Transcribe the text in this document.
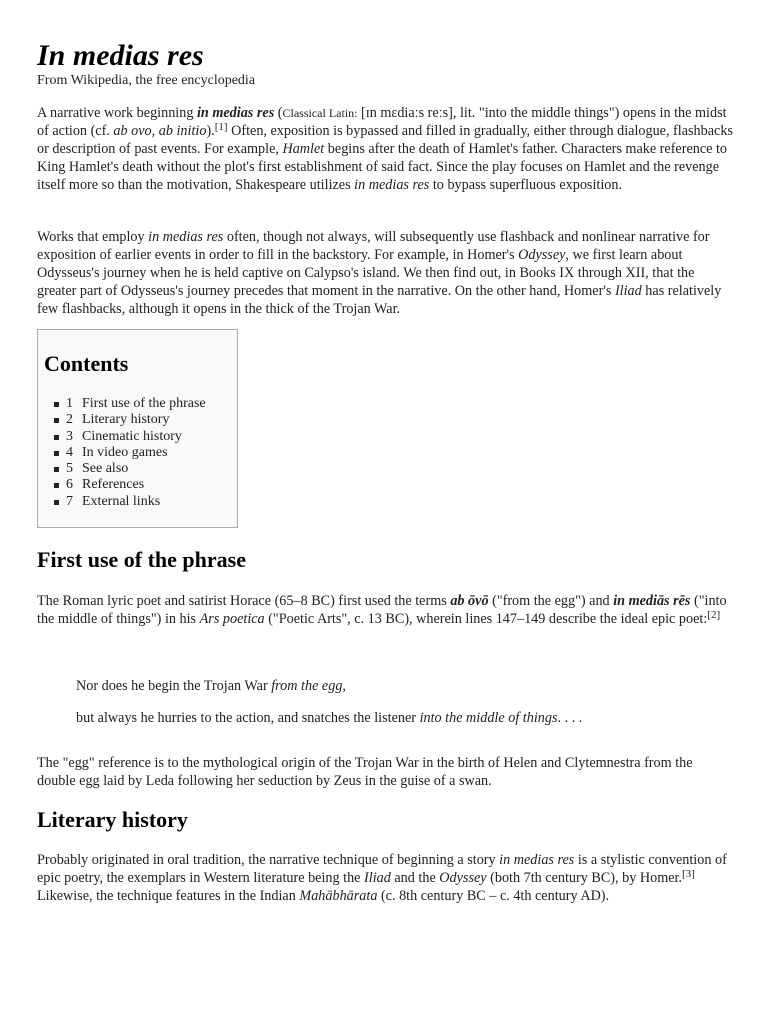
In medias res
From Wikipedia, the free encyclopedia

A narrative work beginning in medias res (Classical Latin: [ɪn mɛdiaːs reːs], lit. "into the middle things") opens in the midst of action (cf. ab ovo, ab initio).[1] Often, exposition is bypassed and filled in gradually, either through dialogue, flashbacks or description of past events. For example, Hamlet begins after the death of Hamlet's father. Characters make reference to King Hamlet's death without the plot's first establishment of said fact. Since the play focuses on Hamlet and the revenge itself more so than the motivation, Shakespeare utilizes in medias res to bypass superfluous exposition.

Works that employ in medias res often, though not always, will subsequently use flashback and nonlinear narrative for exposition of earlier events in order to fill in the backstory. For example, in Homer's Odyssey, we first learn about Odysseus's journey when he is held captive on Calypso's island. We then find out, in Books IX through XII, that the greater part of Odysseus's journey precedes that moment in the narrative. On the other hand, Homer's Iliad has relatively few flashbacks, although it opens in the thick of the Trojan War.

Contents
1 First use of the phrase
2 Literary history
3 Cinematic history
4 In video games
5 See also
6 References
7 External links
First use of the phrase

The Roman lyric poet and satirist Horace (65–8 BC) first used the terms ab ōvō ("from the egg") and in mediās rēs ("into the middle of things") in his Ars poetica ("Poetic Arts", c. 13 BC), wherein lines 147–149 describe the ideal epic poet:[2]

Nor does he begin the Trojan War from the egg,

but always he hurries to the action, and snatches the listener into the middle of things. . . .

The "egg" reference is to the mythological origin of the Trojan War in the birth of Helen and Clytemnestra from the double egg laid by Leda following her seduction by Zeus in the guise of a swan.

Literary history

Probably originated in oral tradition, the narrative technique of beginning a story in medias res is a stylistic convention of epic poetry, the exemplars in Western literature being the Iliad and the Odyssey (both 7th century BC), by Homer.[3] Likewise, the technique features in the Indian Mahābhārata (c. 8th century BC – c. 4th century AD).
